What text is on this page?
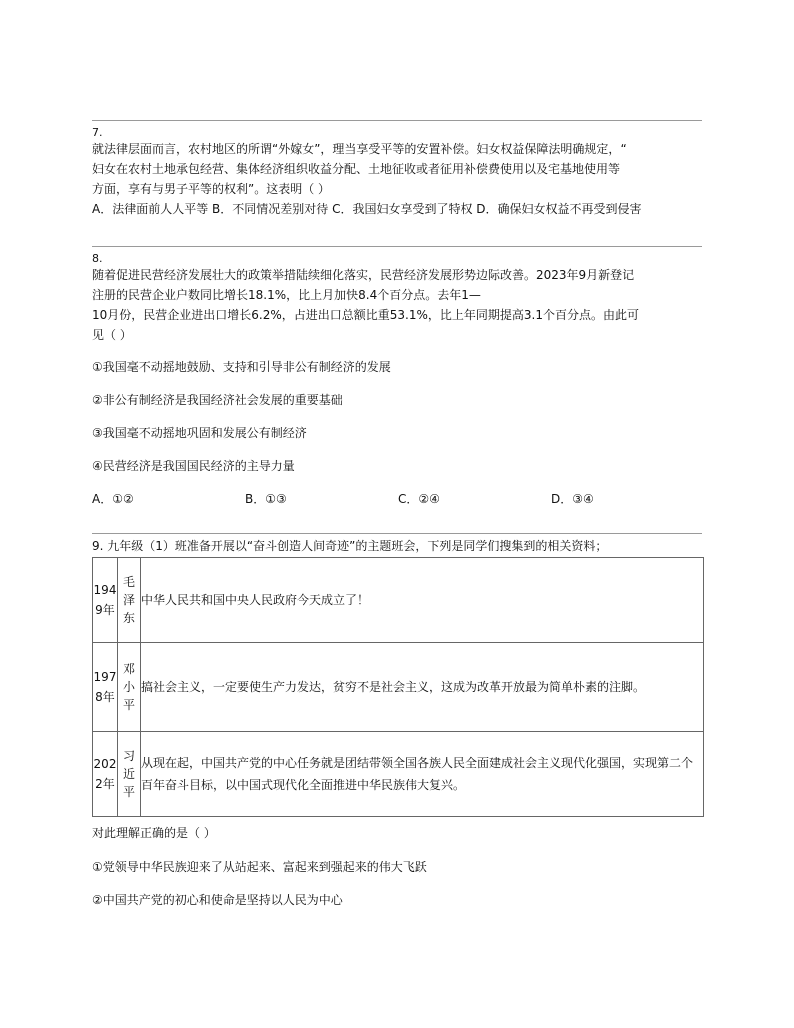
7.
就法律层面而言，农村地区的所谓“外嫁女”，理当享受平等的安置补偿。妇女权益保障法明确规定，“
妇女在农村土地承包经营、集体经济组织收益分配、土地征收或者征用补偿费使用以及宅基地使用等
方面，享有与男子平等的权利”。这表明（ ）
A．法律面前人人平等 B．不同情况差别对待 C．我国妇女享受到了特权 D．确保妇女权益不再受到侵害
8.
随着促进民营经济发展壮大的政策举措陆续细化落实，民营经济发展形势边际改善。2023年9月新登记
注册的民营企业户数同比增长18.1%，比上月加快8.4个百分点。去年1—
10月份，民营企业进出口增长6.2%，占进出口总额比重53.1%，比上年同期提高3.1个百分点。由此可
见（ ）
①我国毫不动摇地鼓励、支持和引导非公有制经济的发展
②非公有制经济是我国经济社会发展的重要基础
③我国毫不动摇地巩固和发展公有制经济
④民营经济是我国国民经济的主导力量
A．①②	B．①③	C．②④	D．③④
9. 九年级（1）班准备开展以“奋斗创造人间奇迹”的主题班会，下列是同学们搜集到的相关资料；
1949年	毛泽东	中华人民共和国中央人民政府今天成立了！
1978年	邓小平	搞社会主义，一定要使生产力发达，贫穷不是社会主义，这成为改革开放最为简单朴素的注脚。
2022年	习近平	从现在起，中国共产党的中心任务就是团结带领全国各族人民全面建成社会主义现代化强国，实现第二个百年奋斗目标，以中国式现代化全面推进中华民族伟大复兴。
对此理解正确的是（ ）
①党领导中华民族迎来了从站起来、富起来到强起来的伟大飞跃
②中国共产党的初心和使命是坚持以人民为中心
